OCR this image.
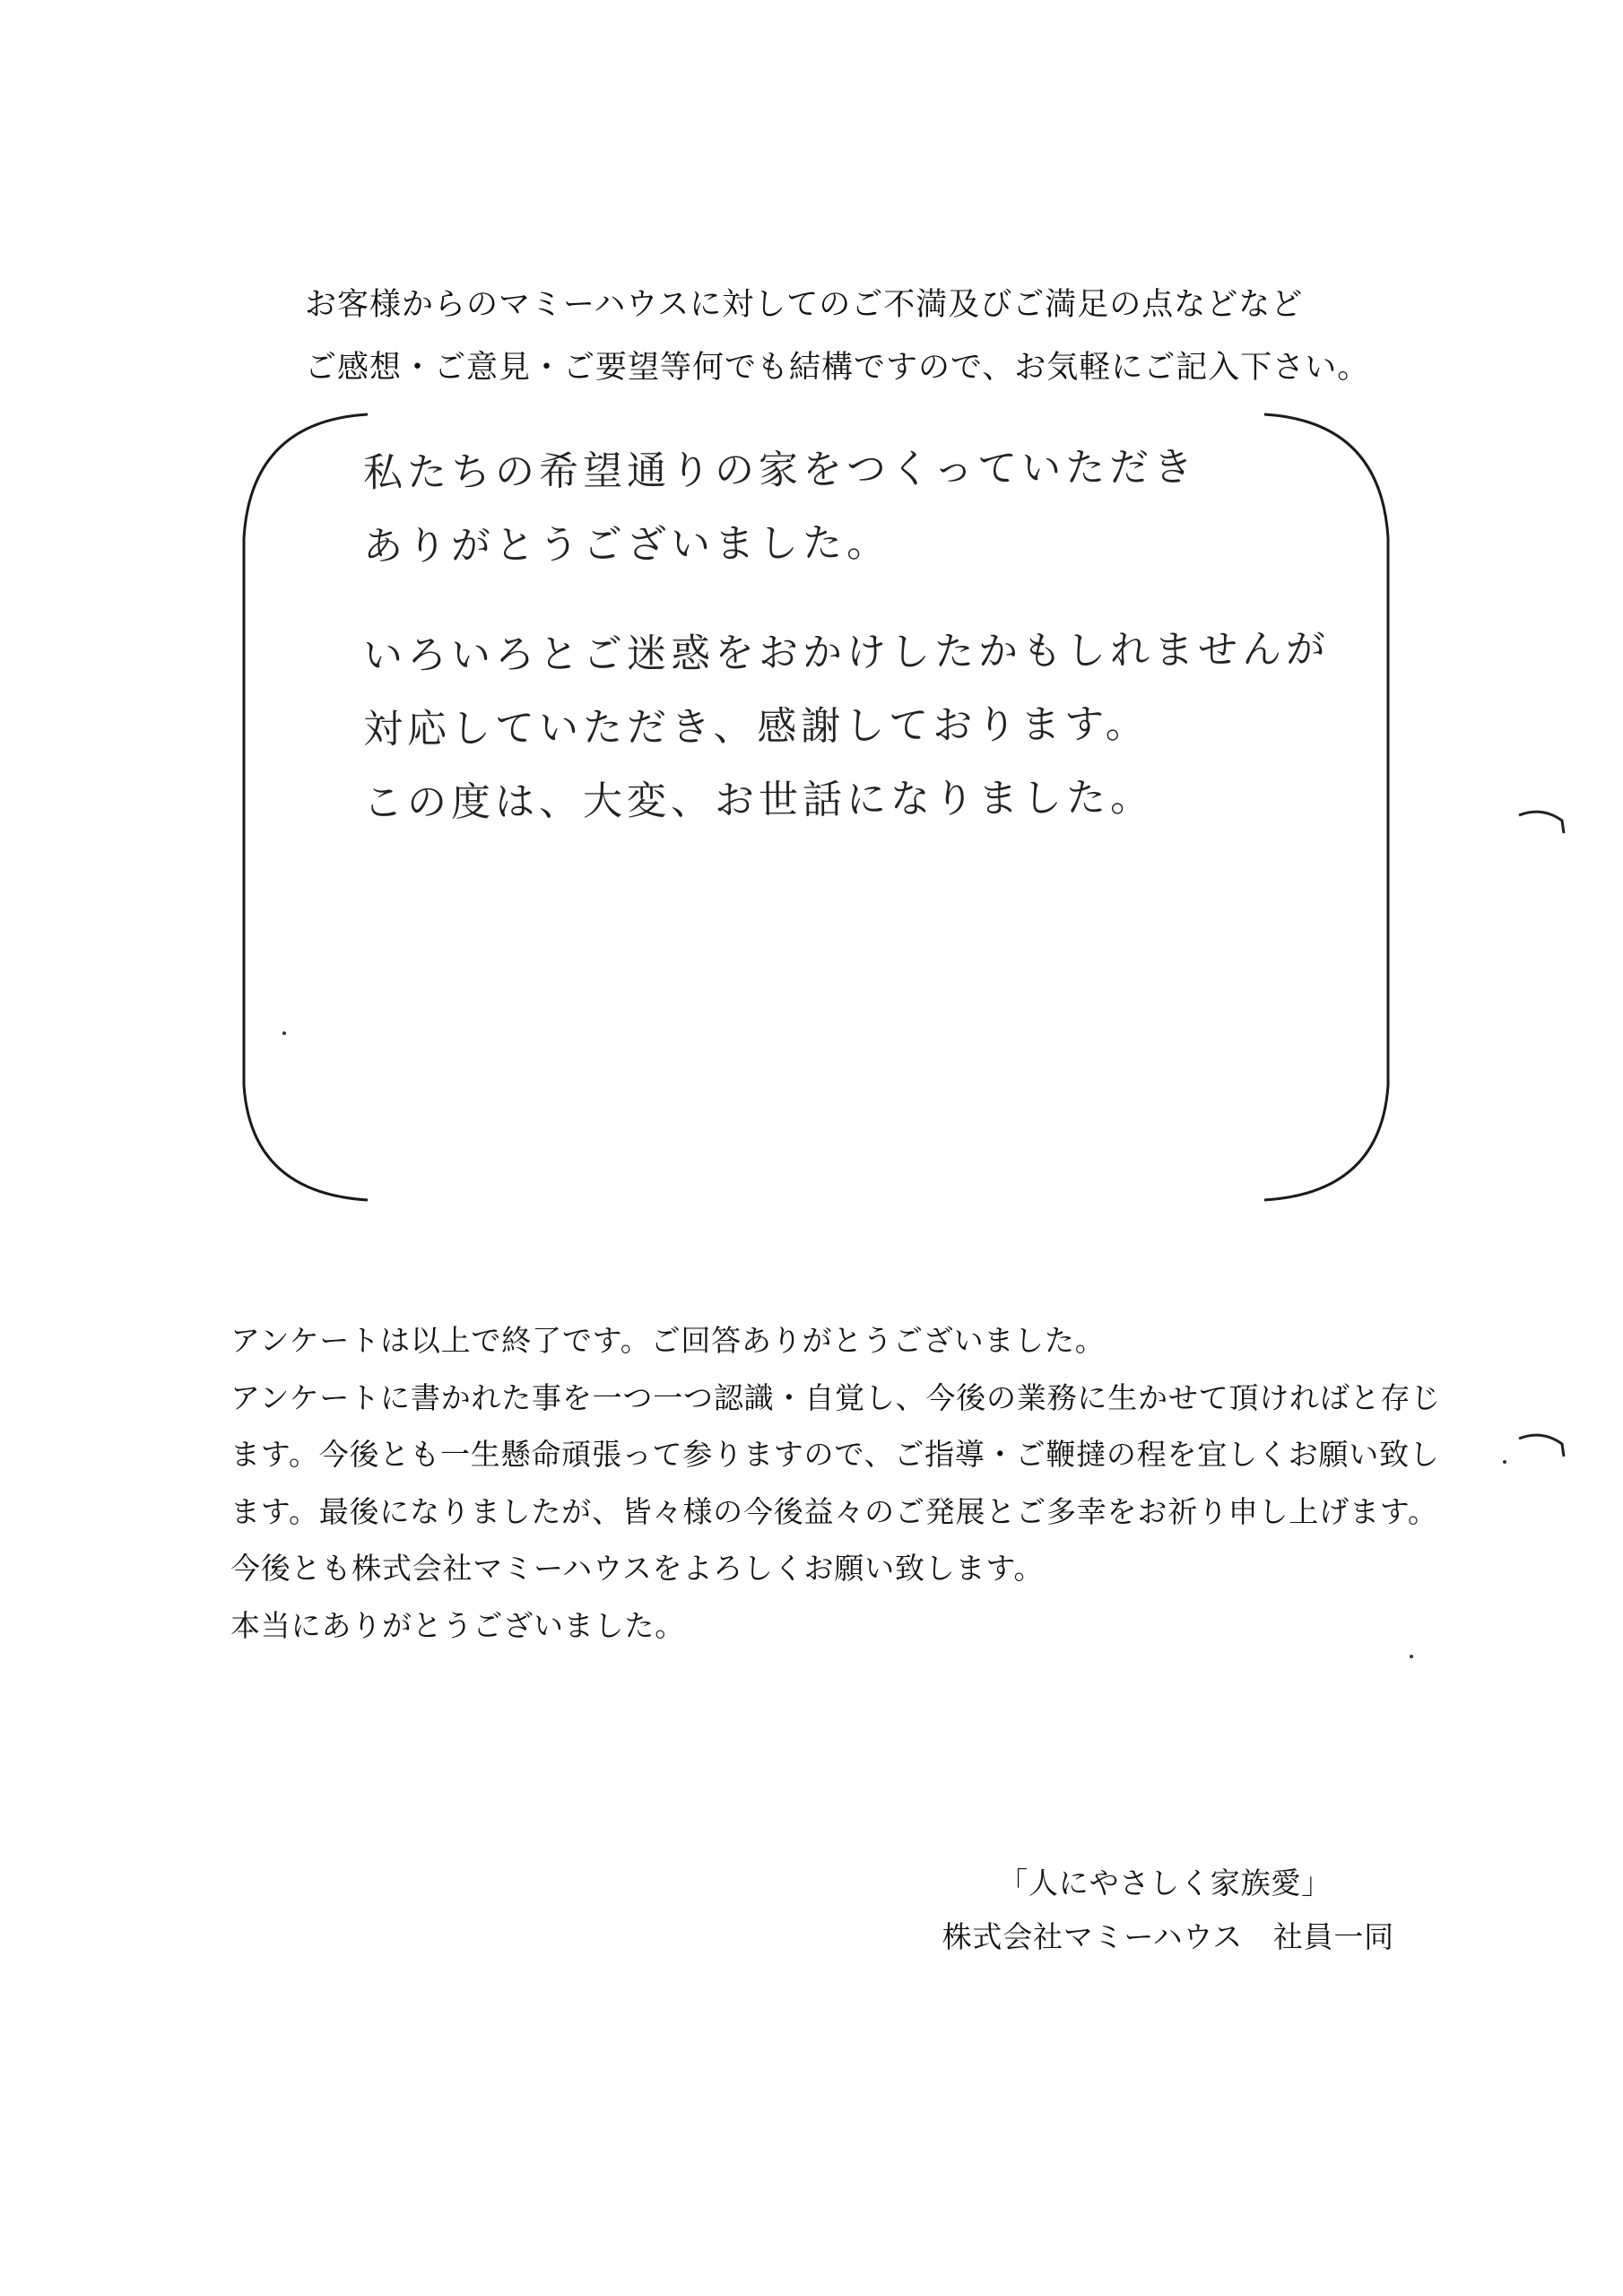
お客様からのマミーハウスに対してのご不満及びご満足の点などなど
ご感想・ご意見・ご要望等何でも結構ですので、お気軽にご記入下さい。
私たちの希望通りの家をつくっていただき
ありがとうございました。
いろいろとご迷惑をおかけしたかもしれませんが
対応していただき、感謝しております。
この度は、大変、お世話になりました。
アンケートは以上で終了です。ご回答ありがとうございました。
アンケートに書かれた事を一つ一つ認識・自覚し、今後の業務に生かせて頂ければと存じ
ます。今後とも一生懸命頑張って参りますので、ご指導・ご鞭撻の程を宜しくお願い致し
ます。最後になりましたが、皆々様の今後益々のご発展とご多幸をお祈り申し上げます。
今後とも株式会社マミーハウスをよろしくお願い致します。
本当にありがとうございました。
「人にやさしく家族愛」
株式会社マミーハウス　社員一同
